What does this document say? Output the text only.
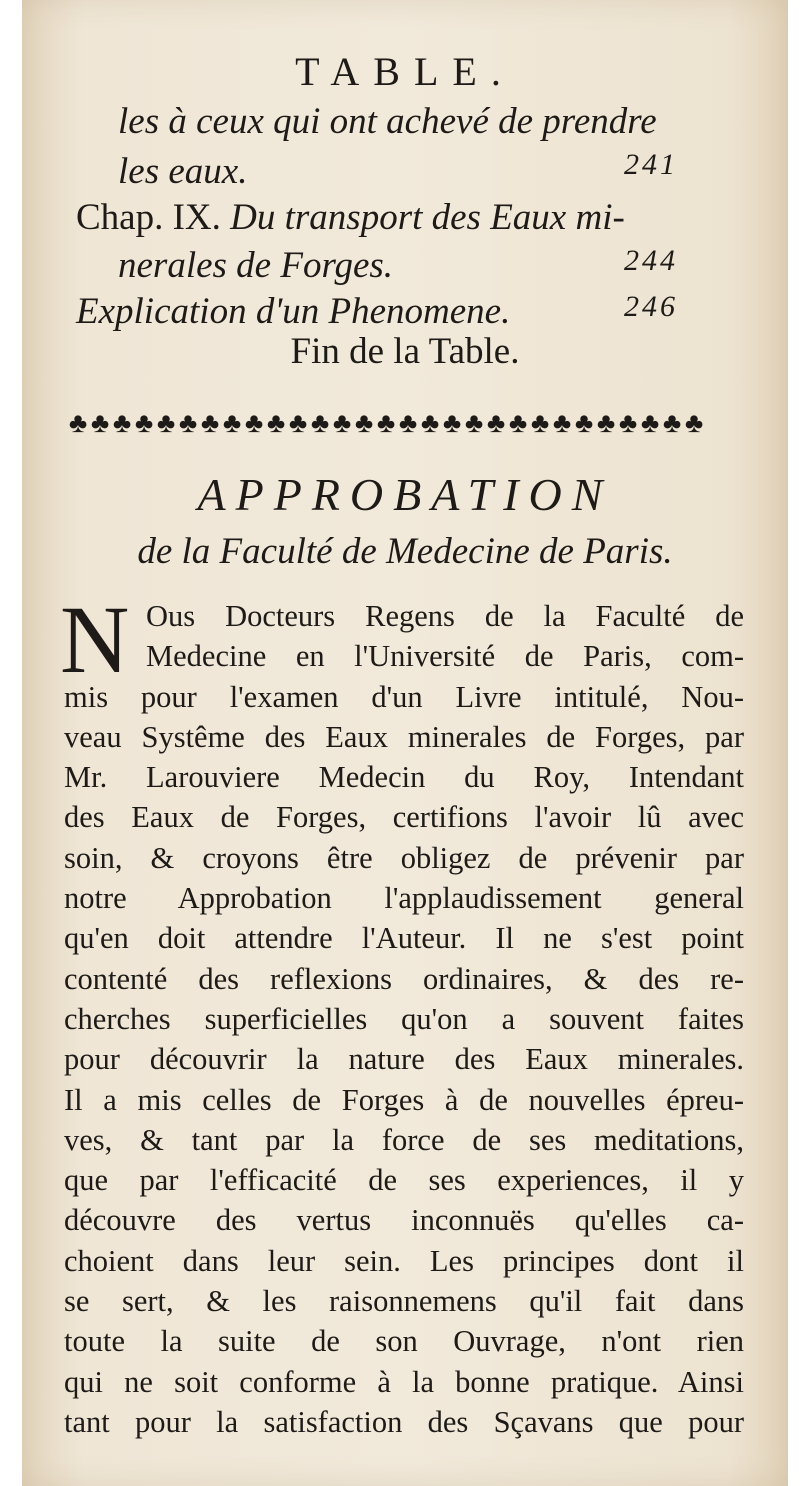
TABLE.
les à ceux qui ont achevé de prendre
les eaux.	241
Chap. IX. Du transport des Eaux mi-
nerales de Forges.	244
Explication d'un Phenomene.	246
Fin de la Table.
♣ ♣ ♣ ♣ ♣ ♣ ♣ ♣ ♣ ♣ ♣ ♣ ♣ ♣ ♣ ♣ ♣ ♣ ♣ ♣ ♣ ♣ ♣ ♣ ♣ ♣ ♣ ♣ ♣
APPROBATION
de la Faculté de Medecine de Paris.
N Ous Docteurs Regens de la Faculté de
Medecine en l'Université de Paris, com-
mis pour l'examen d'un Livre intitulé, Nou-
veau Systême des Eaux minerales de Forges, par
Mr. Larouviere Medecin du Roy, Intendant
des Eaux de Forges, certifions l'avoir lû avec
soin, & croyons être obligez de prévenir par
notre Approbation l'applaudissement general
qu'en doit attendre l'Auteur. Il ne s'est point
contenté des reflexions ordinaires, & des re-
cherches superficielles qu'on a souvent faites
pour découvrir la nature des Eaux minerales.
Il a mis celles de Forges à de nouvelles épreu-
ves, & tant par la force de ses meditations,
que par l'efficacité de ses experiences, il y
découvre des vertus inconnuës qu'elles ca-
choient dans leur sein. Les principes dont il
se sert, & les raisonnemens qu'il fait dans
toute la suite de son Ouvrage, n'ont rien
qui ne soit conforme à la bonne pratique. Ainsi
tant pour la satisfaction des Sçavans que pour
